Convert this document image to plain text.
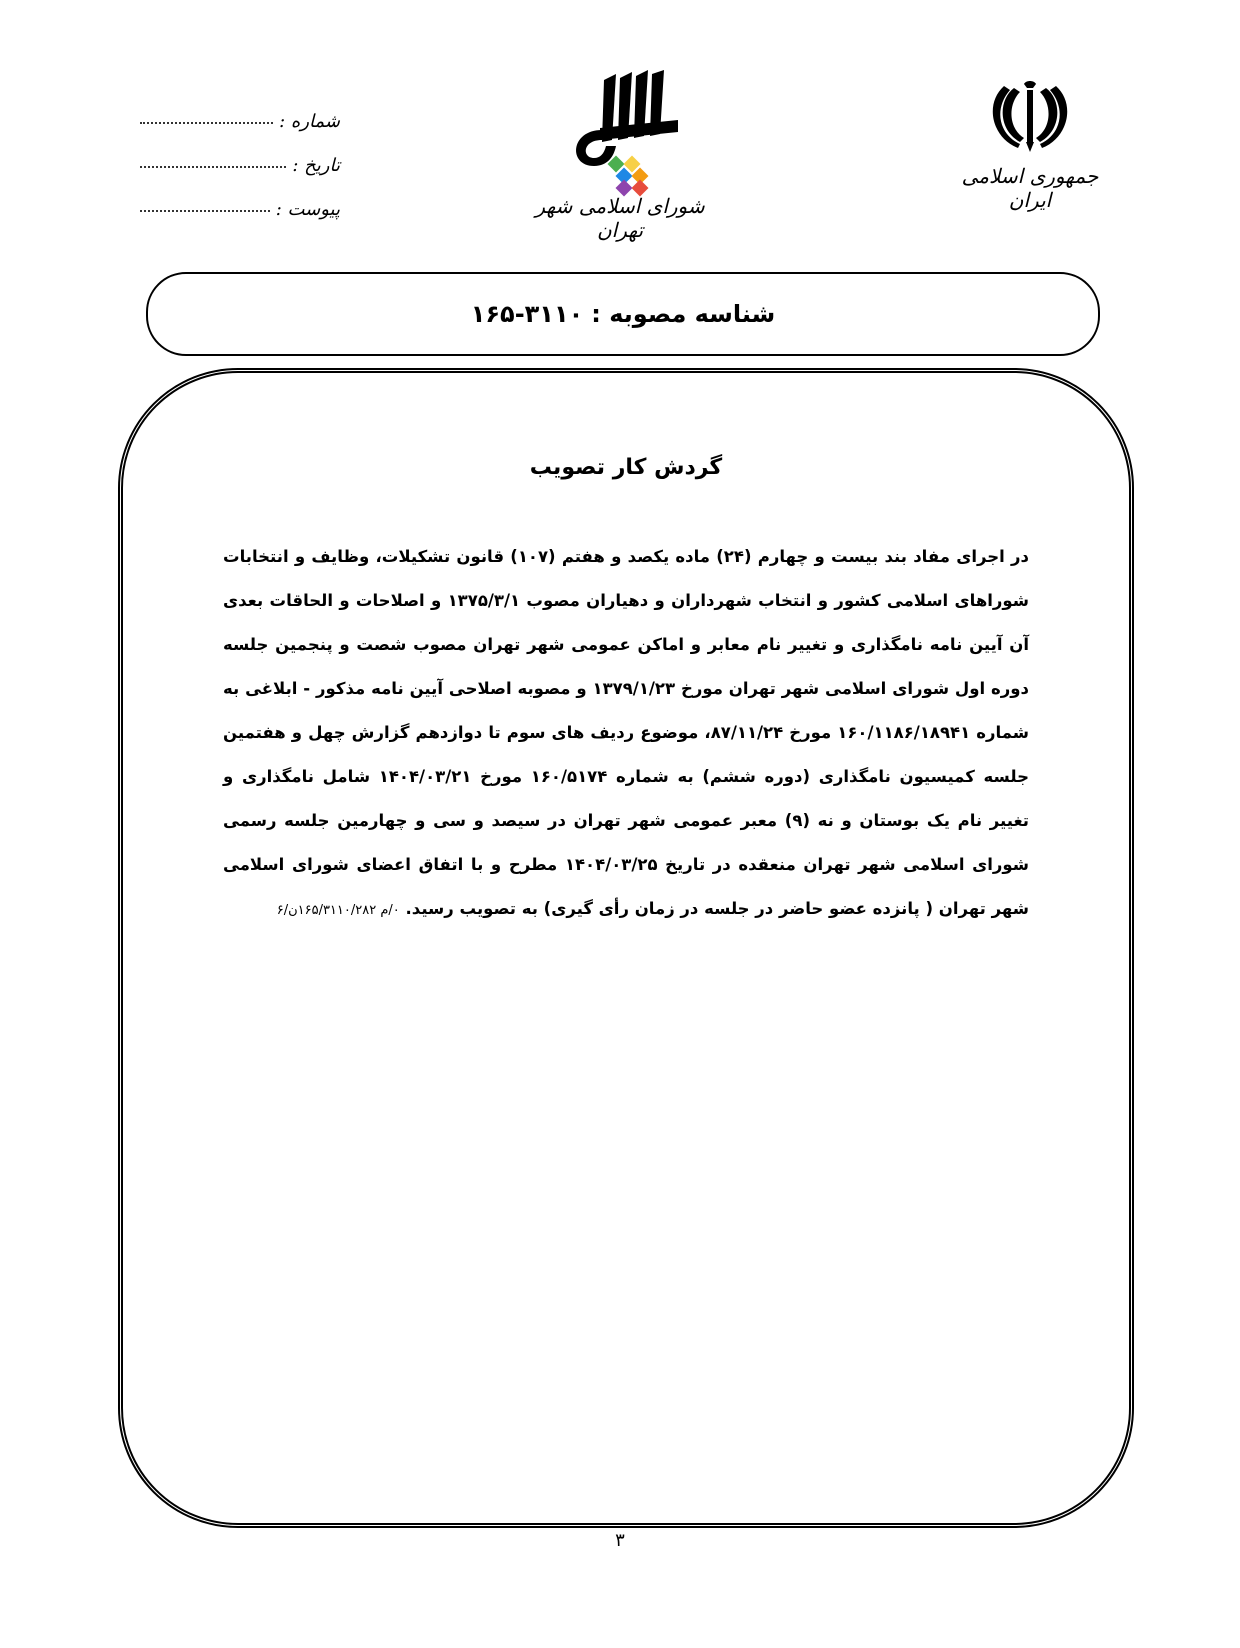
شماره :
تاریخ :
پیوست :	شورای اسلامی شهر تهران
جمهوری اسلامی ایران
شناسه مصوبه :
۱۶۵-۳۱۱۰
گردش کار تصویب
در اجرای مفاد بند بیست و چهارم (۲۴) ماده یکصد و هفتم (۱۰۷) قانون تشکیلات، وظایف و انتخابات شوراهای اسلامی کشور و انتخاب شهرداران و دهیاران مصوب ۱۳۷۵/۳/۱ و اصلاحات و الحاقات بعدی آن آیین نامه نامگذاری و تغییر نام معابر و اماکن عمومی شهر تهران مصوب شصت و پنجمین جلسه دوره اول شورای اسلامی شهر تهران مورخ ۱۳۷۹/۱/۲۳ و مصوبه اصلاحی آیین نامه مذکور - ابلاغی به شماره ۱۶۰/۱۱۸۶/۱۸۹۴۱ مورخ ۸۷/۱۱/۲۴، موضوع ردیف های سوم تا دوازدهم گزارش چهل و هفتمین جلسه کمیسیون نامگذاری (دوره ششم) به شماره ۱۶۰/۵۱۷۴ مورخ ۱۴۰۴/۰۳/۲۱ شامل نامگذاری و تغییر نام یک بوستان و نه (۹) معبر عمومی شهر تهران در سیصد و سی و چهارمین جلسه رسمی شورای اسلامی شهر تهران منعقده در تاریخ ۱۴۰۴/۰۳/۲۵ مطرح و با اتفاق اعضای شورای اسلامی شهر تهران ( پانزده عضو حاضر در جلسه در زمان رأی گیری) به تصویب رسید. ۰/م ۱۶۵/۳۱۱۰/۲۸۲ن/۶
۳
